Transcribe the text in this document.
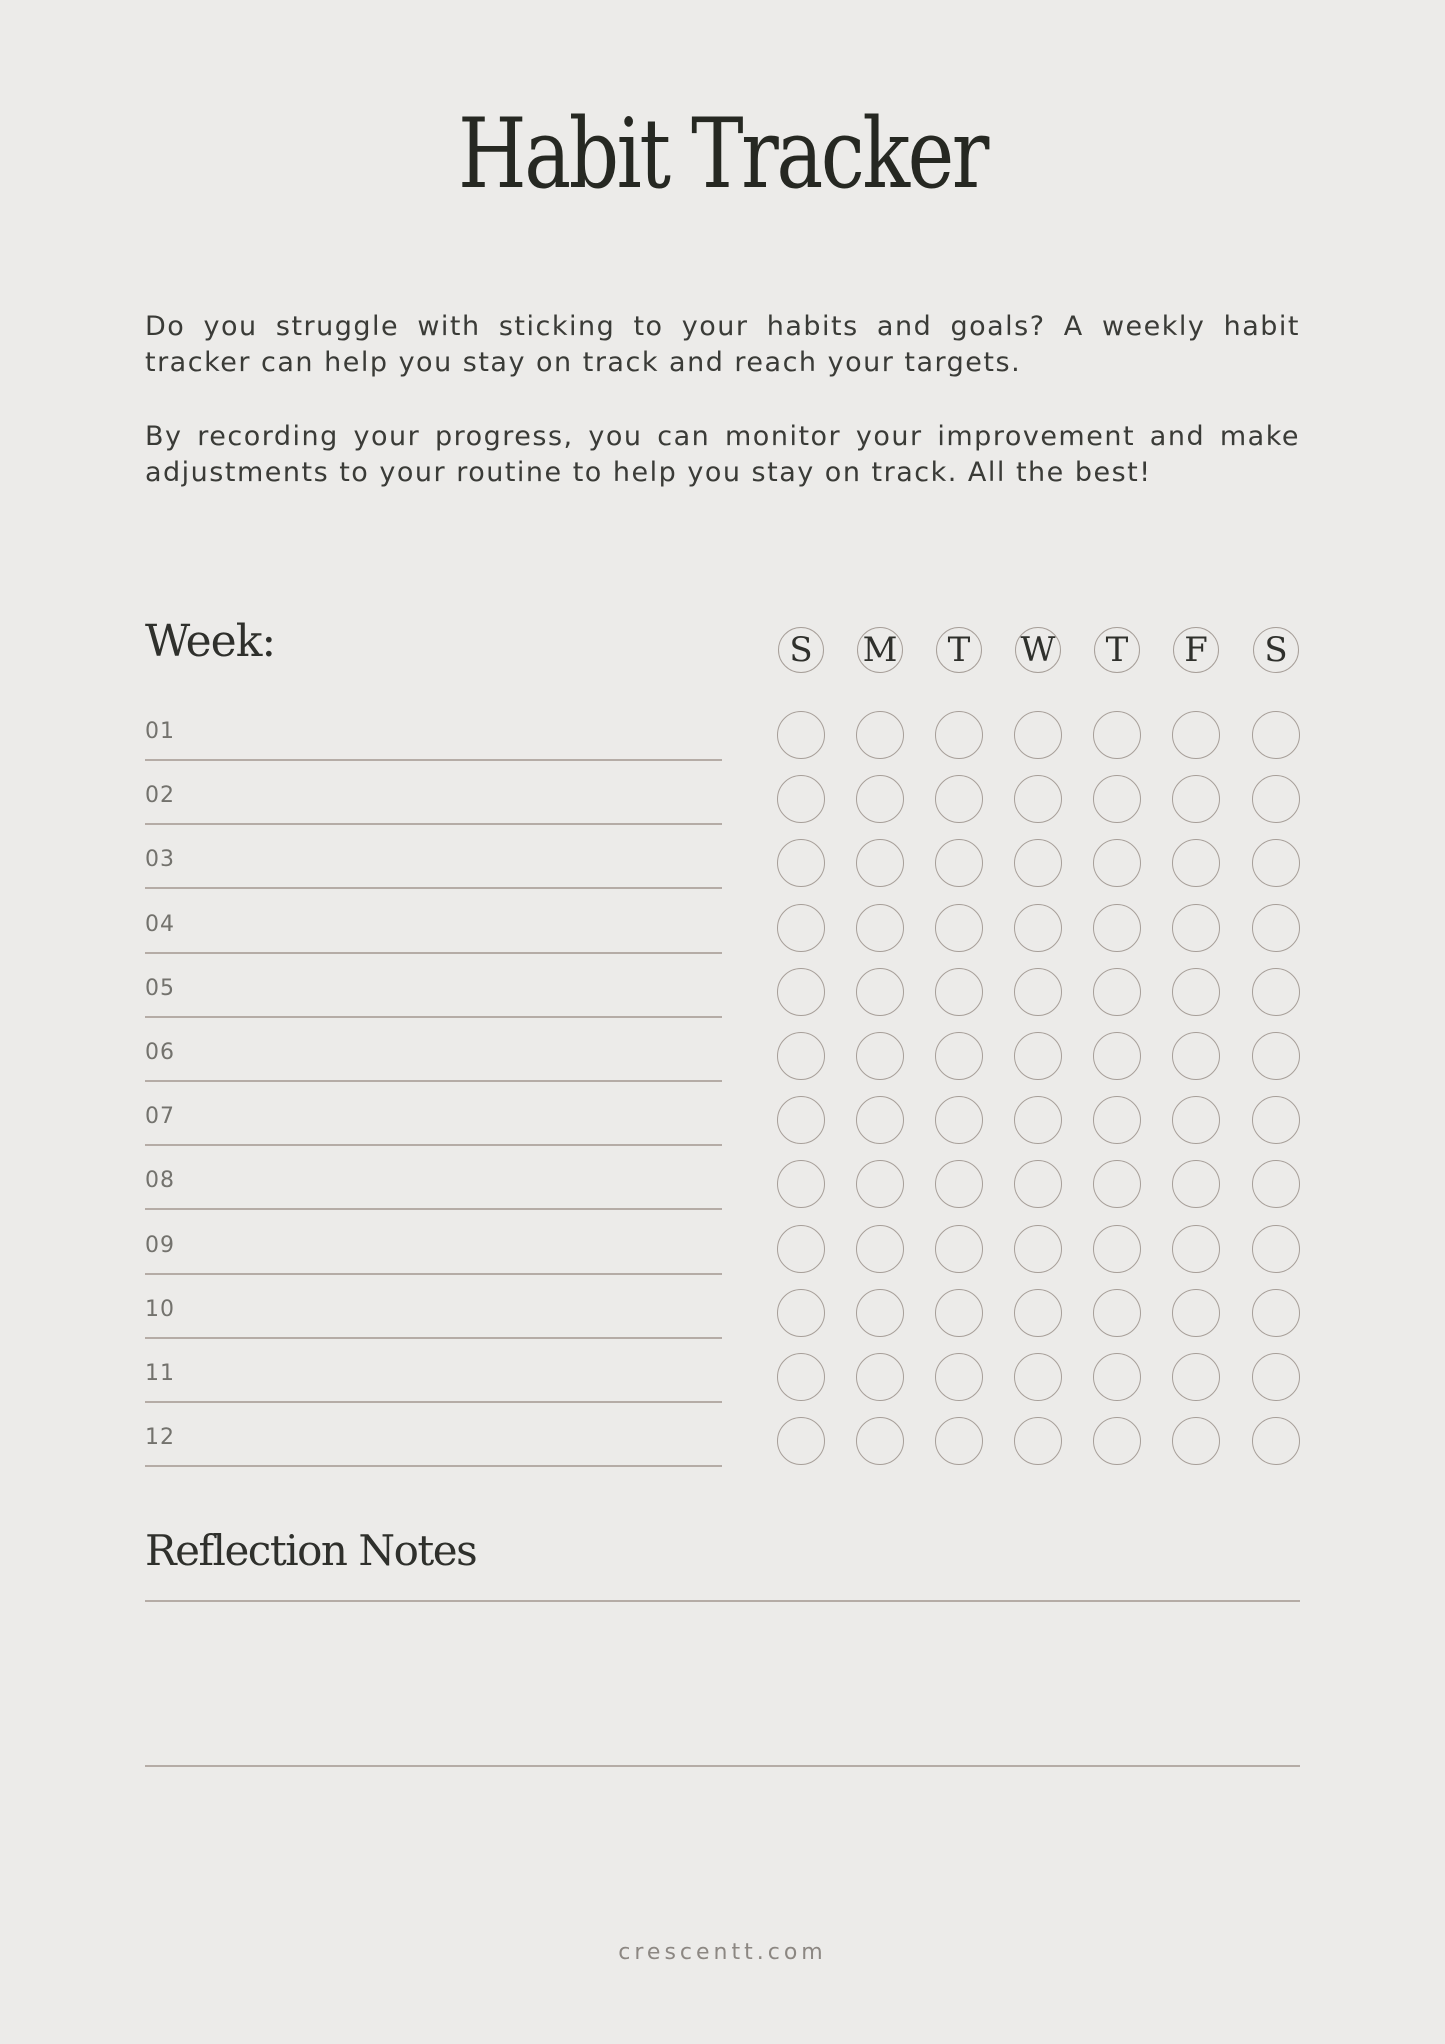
Habit Tracker

Do you struggle with sticking to your habits and goals? A weekly habit tracker can help you stay on track and reach your targets.

By recording your progress, you can monitor your improvement and make adjustments to your routine to help you stay on track. All the best!

Week:	S	M	T	W	T	F	S
01
02
03
04
05
06
07
08
09
10
11
12
Reflection Notes
crescentt.com
